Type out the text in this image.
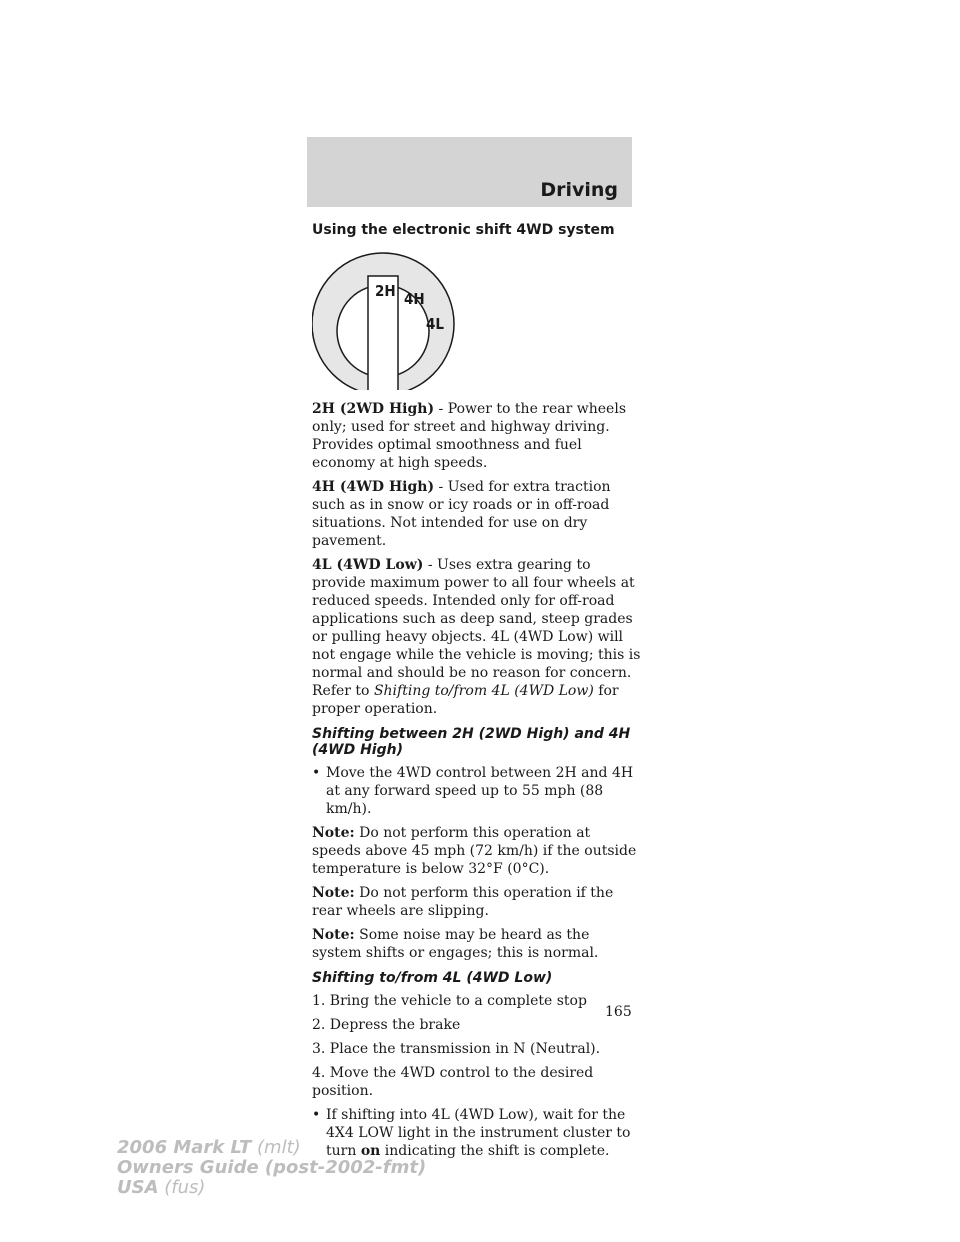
Driving
Using the electronic shift 4WD system
2H 4H
4L

2H (2WD High) - Power to the rear wheels only; used for street and highway driving. Provides optimal smoothness and fuel economy at high speeds.

4H (4WD High) - Used for extra traction such as in snow or icy roads or in off-road situations. Not intended for use on dry pavement.

4L (4WD Low) - Uses extra gearing to provide maximum power to all four wheels at reduced speeds. Intended only for off-road applications such as deep sand, steep grades or pulling heavy objects. 4L (4WD Low) will not engage while the vehicle is moving; this is normal and should be no reason for concern. Refer to Shifting to/from 4L (4WD Low) for proper operation.

Shifting between 2H (2WD High) and 4H (4WD High)
• Move the 4WD control between 2H and 4H at any forward speed up to 55 mph (88 km/h).

Note: Do not perform this operation at speeds above 45 mph (72 km/h) if the outside temperature is below 32°F (0°C).

Note: Do not perform this operation if the rear wheels are slipping.

Note: Some noise may be heard as the system shifts or engages; this is normal.

Shifting to/from 4L (4WD Low)

1. Bring the vehicle to a complete stop

2. Depress the brake

3. Place the transmission in N (Neutral).

4. Move the 4WD control to the desired position.

• If shifting into 4L (4WD Low), wait for the 4X4 LOW light in the instrument cluster to turn on indicating the shift is complete.
165
2006 Mark LT (mlt)
Owners Guide (post-2002-fmt)
USA (fus)
